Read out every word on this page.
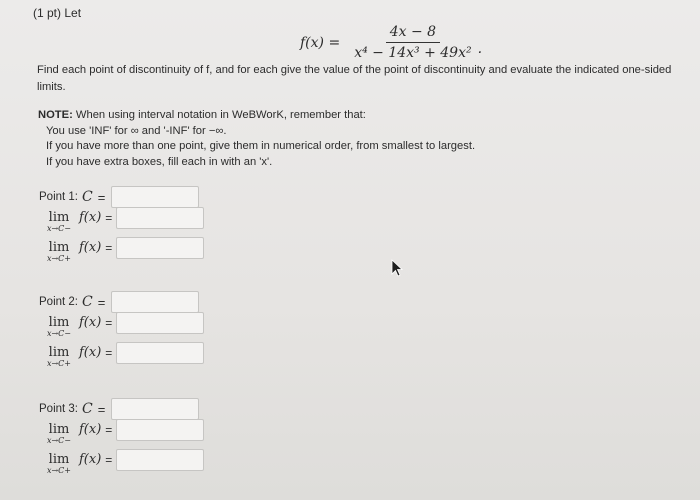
(1 pt) Let
$f(x) = \frac{4x - 8}{\text{x⁴ − 14x³ + 49x²}}$ .
Find each point of discontinuity of f, and for each give the value of the point of discontinuity and evaluate the indicated one-sided limits.
NOTE: When using interval notation in WeBWorK, remember that:
You use 'INF' for ∞ and '-INF' for −∞.
If you have more than one point, give them in numerical order, from smallest to largest.
If you have extra boxes, fill each in with an 'x'.
Point 1: C =
lim
x→C−
f(x) =
lim
x→C+
f(x) =
Point 2: C =
lim
x→C−
f(x) =
lim
x→C+
f(x) =
Point 3: C =
lim
x→C−
f(x) =
lim
x→C+
f(x) =
